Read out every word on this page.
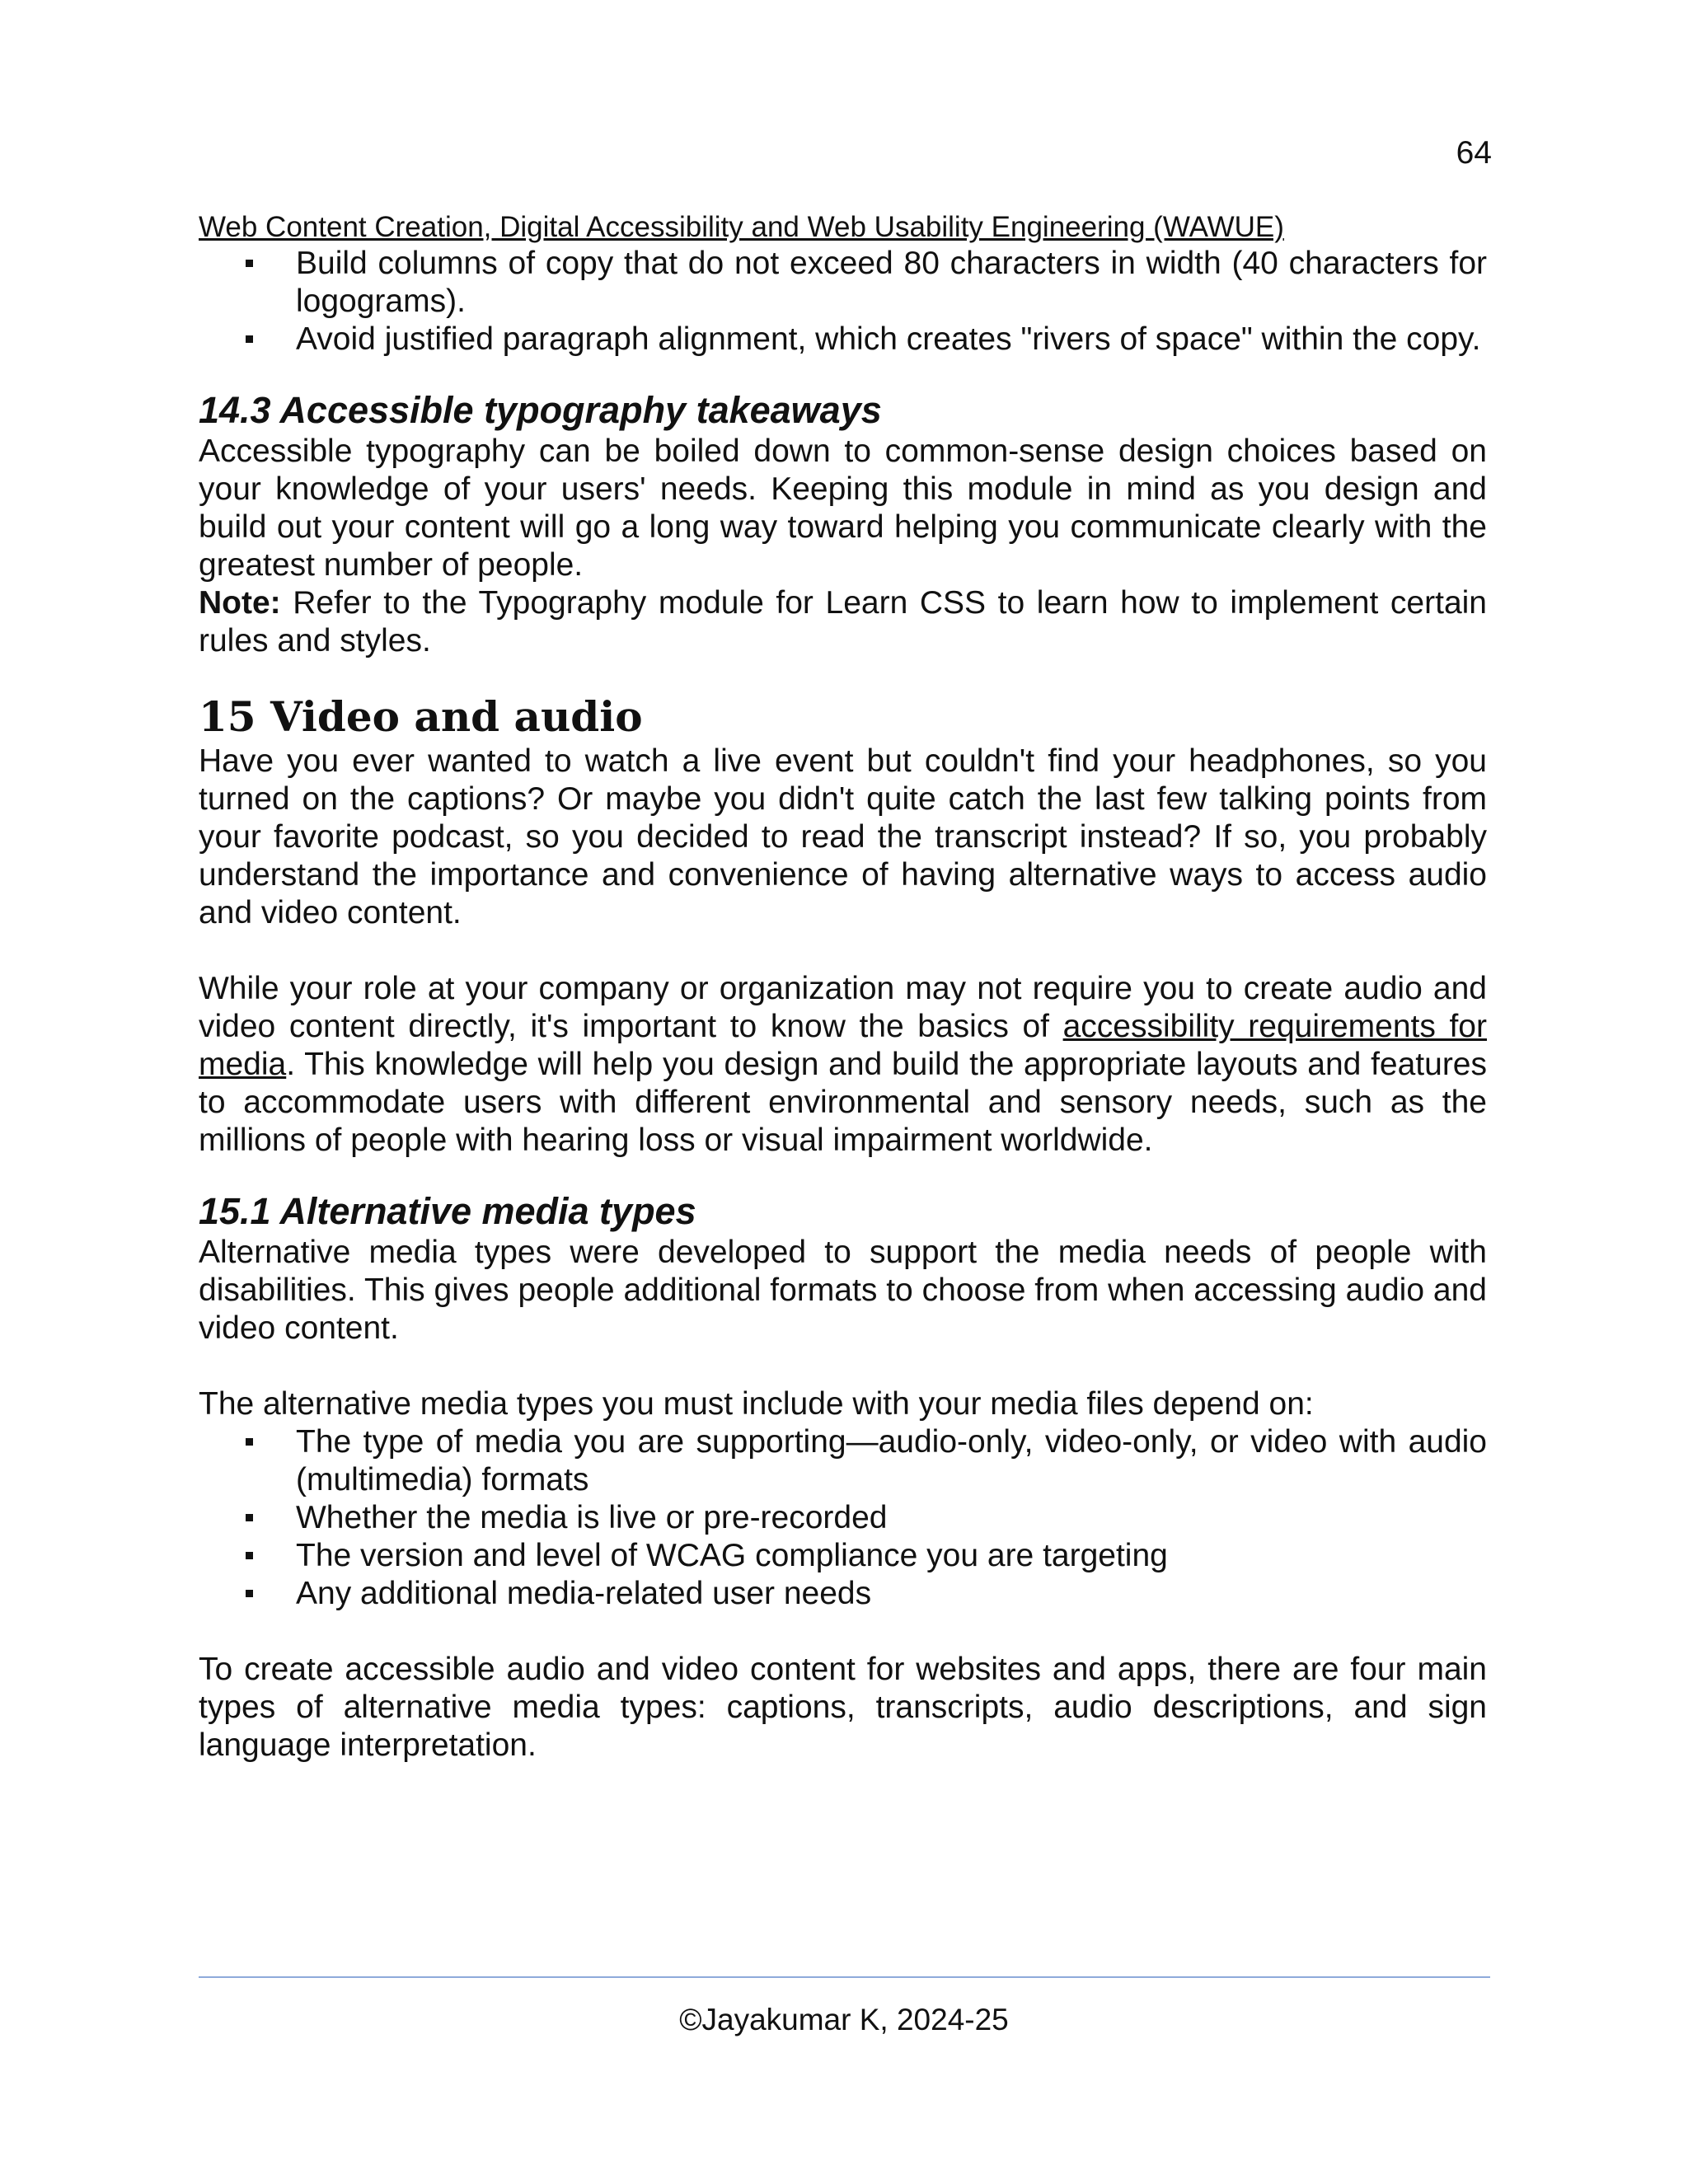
64

Web Content Creation, Digital Accessibility and Web Usability Engineering (WAWUE)

Build columns of copy that do not exceed 80 characters in width (40 characters for logograms).
Avoid justified paragraph alignment, which creates "rivers of space" within the copy.
14.3 Accessible typography takeaways

Accessible typography can be boiled down to common-sense design choices based on your knowledge of your users' needs. Keeping this module in mind as you design and build out your content will go a long way toward helping you communicate clearly with the greatest number of people.

Note: Refer to the Typography module for Learn CSS to learn how to implement certain rules and styles.

15 Video and audio

Have you ever wanted to watch a live event but couldn't find your headphones, so you turned on the captions? Or maybe you didn't quite catch the last few talking points from your favorite podcast, so you decided to read the transcript instead? If so, you probably understand the importance and convenience of having alternative ways to access audio and video content.

While your role at your company or organization may not require you to create audio and video content directly, it's important to know the basics of accessibility requirements for media. This knowledge will help you design and build the appropriate layouts and features to accommodate users with different environmental and sensory needs, such as the millions of people with hearing loss or visual impairment worldwide.

15.1 Alternative media types

Alternative media types were developed to support the media needs of people with disabilities. This gives people additional formats to choose from when accessing audio and video content.

The alternative media types you must include with your media files depend on:

The type of media you are supporting—audio-only, video-only, or video with audio (multimedia) formats
Whether the media is live or pre-recorded
The version and level of WCAG compliance you are targeting
Any additional media-related user needs

To create accessible audio and video content for websites and apps, there are four main types of alternative media types: captions, transcripts, audio descriptions, and sign language interpretation.

©Jayakumar K, 2024-25
